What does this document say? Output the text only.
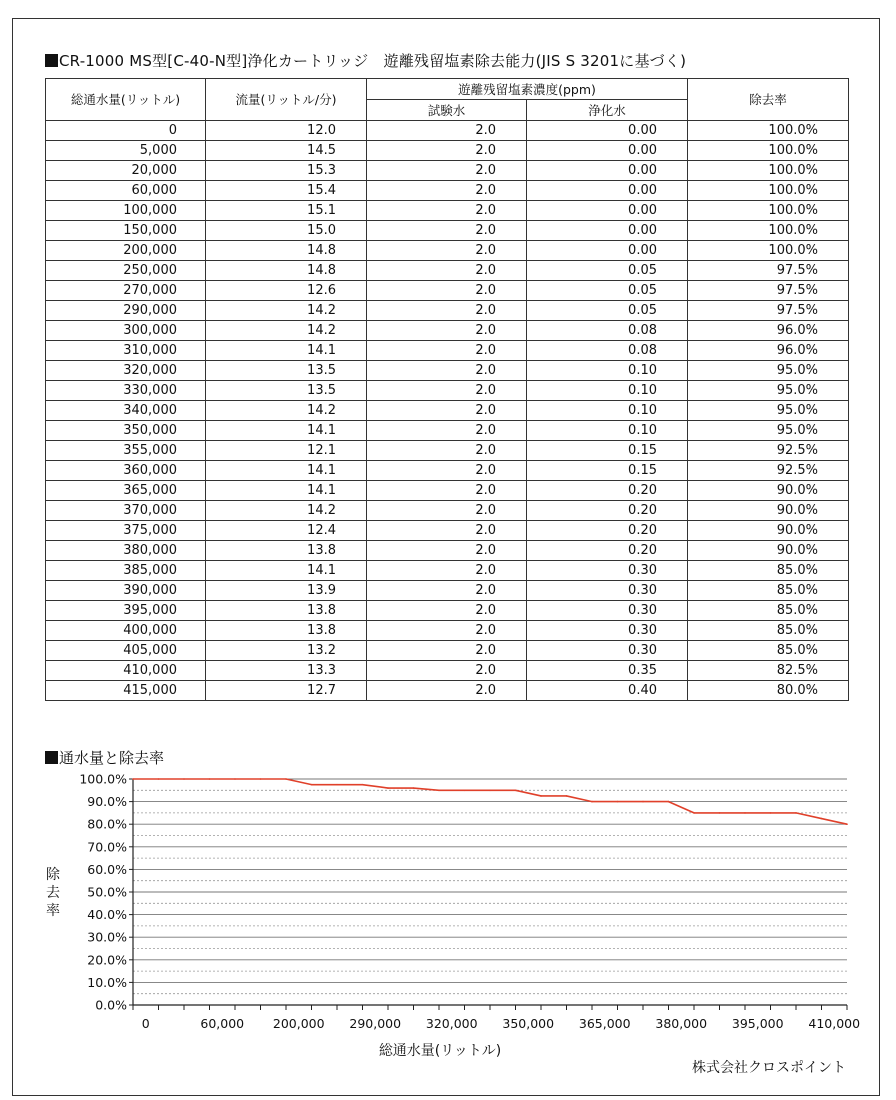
CR-1000 MS型[C-40-N型]浄化カートリッジ　遊離残留塩素除去能力(JIS S 3201に基づく)
総通水量(リットル)	流量(リットル/分)	遊離残留塩素濃度(ppm)		除去率
		試験水	浄化水	
0	12.0	2.0	0.00	100.0%
5,000	14.5	2.0	0.00	100.0%
20,000	15.3	2.0	0.00	100.0%
60,000	15.4	2.0	0.00	100.0%
100,000	15.1	2.0	0.00	100.0%
150,000	15.0	2.0	0.00	100.0%
200,000	14.8	2.0	0.00	100.0%
250,000	14.8	2.0	0.05	97.5%
270,000	12.6	2.0	0.05	97.5%
290,000	14.2	2.0	0.05	97.5%
300,000	14.2	2.0	0.08	96.0%
310,000	14.1	2.0	0.08	96.0%
320,000	13.5	2.0	0.10	95.0%
330,000	13.5	2.0	0.10	95.0%
340,000	14.2	2.0	0.10	95.0%
350,000	14.1	2.0	0.10	95.0%
355,000	12.1	2.0	0.15	92.5%
360,000	14.1	2.0	0.15	92.5%
365,000	14.1	2.0	0.20	90.0%
370,000	14.2	2.0	0.20	90.0%
375,000	12.4	2.0	0.20	90.0%
380,000	13.8	2.0	0.20	90.0%
385,000	14.1	2.0	0.30	85.0%
390,000	13.9	2.0	0.30	85.0%
395,000	13.8	2.0	0.30	85.0%
400,000	13.8	2.0	0.30	85.0%
405,000	13.2	2.0	0.30	85.0%
410,000	13.3	2.0	0.35	82.5%
415,000	12.7	2.0	0.40	80.0%
通水量と除去率
0.0%
10.0%
20.0%
30.0%
40.0%
50.0%
60.0%
70.0%
80.0%
90.0%
100.0%
0	60,000 200,000 290,000 320,000 350,000 365,000 380,000 395,000 410,000
除去率
総通水量(リットル)
株式会社クロスポイント
